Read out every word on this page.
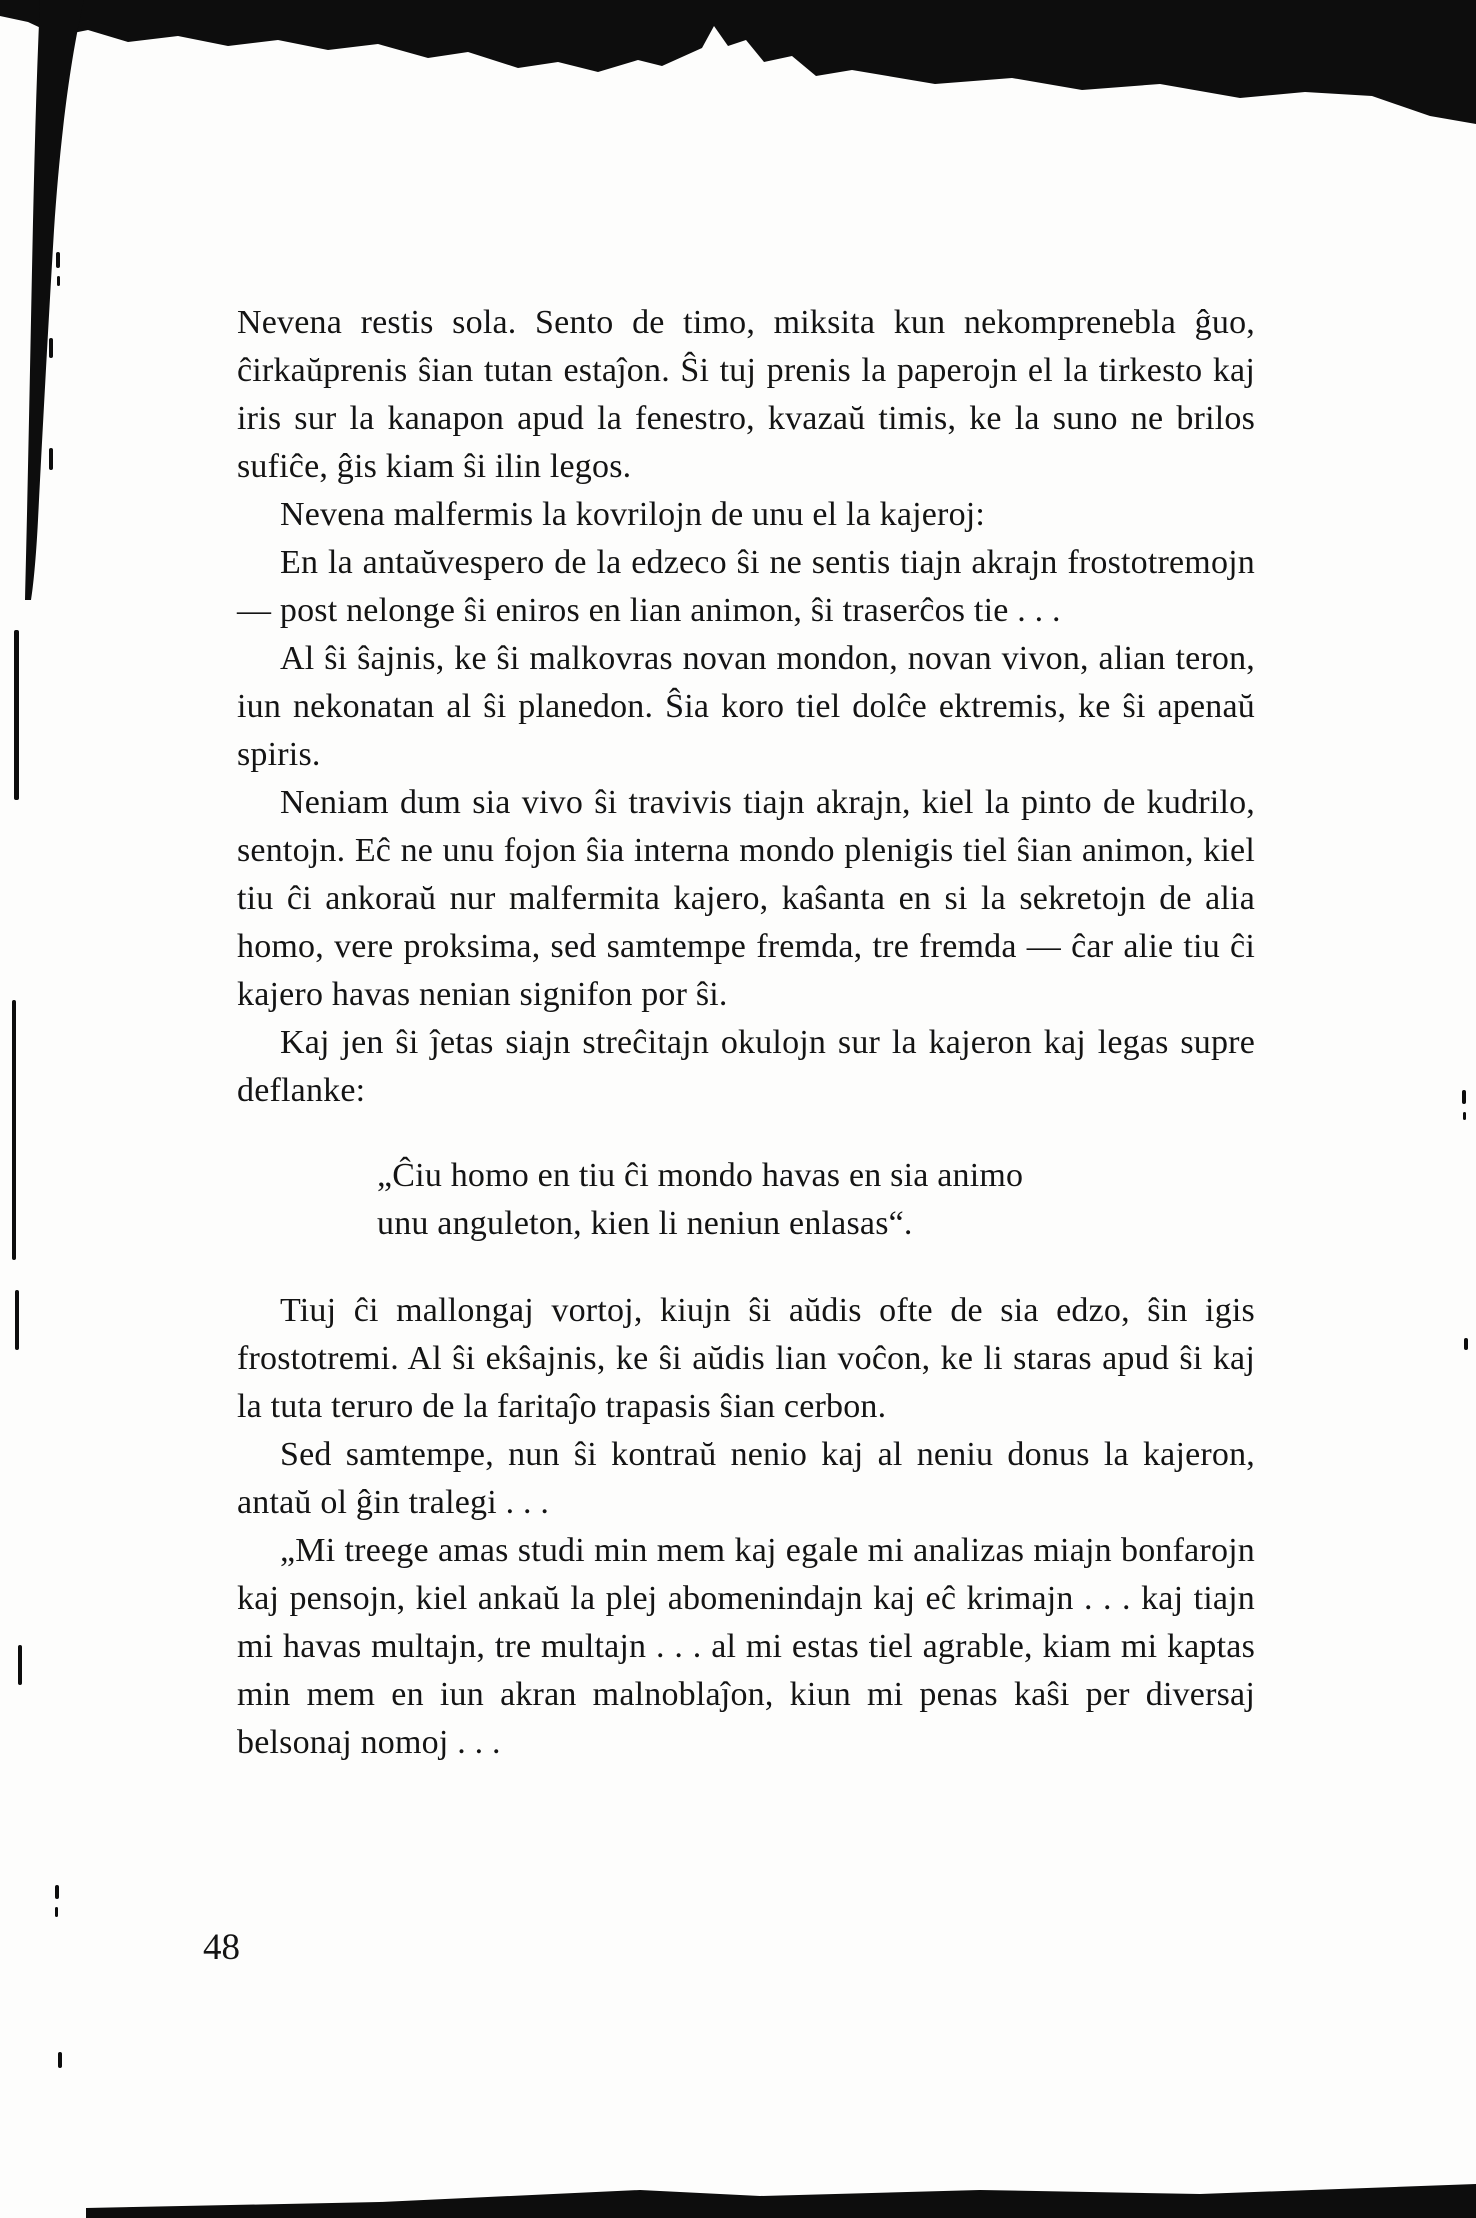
Nevena restis sola. Sento de timo, miksita kun nekomprenebla ĝuo, ĉirkaŭprenis ŝian tutan estaĵon. Ŝi tuj prenis la paperojn el la tirkesto kaj iris sur la kanapon apud la fenestro, kvazaŭ timis, ke la suno ne brilos sufiĉe, ĝis kiam ŝi ilin legos.

Nevena malfermis la kovrilojn de unu el la kajeroj:

En la antaŭvespero de la edzeco ŝi ne sentis tiajn akrajn frostotremojn — post nelonge ŝi eniros en lian animon, ŝi traserĉos tie . . .

Al ŝi ŝajnis, ke ŝi malkovras novan mondon, novan vivon, alian teron, iun nekonatan al ŝi planedon. Ŝia koro tiel dolĉe ektremis, ke ŝi apenaŭ spiris.

Neniam dum sia vivo ŝi travivis tiajn akrajn, kiel la pinto de kudrilo, sentojn. Eĉ ne unu fojon ŝia interna mondo plenigis tiel ŝian animon, kiel tiu ĉi ankoraŭ nur malfermita kajero, kaŝanta en si la sekretojn de alia homo, vere proksima, sed samtempe fremda, tre fremda — ĉar alie tiu ĉi kajero havas nenian signifon por ŝi.

Kaj jen ŝi ĵetas siajn streĉitajn okulojn sur la kajeron kaj legas supre deflanke:

„Ĉiu homo en tiu ĉi mondo havas en sia animo
unu anguleton, kien li neniun enlasas“.

Tiuj ĉi mallongaj vortoj, kiujn ŝi aŭdis ofte de sia edzo, ŝin igis frostotremi. Al ŝi ekŝajnis, ke ŝi aŭdis lian voĉon, ke li staras apud ŝi kaj la tuta teruro de la faritaĵo trapasis ŝian cerbon.

Sed samtempe, nun ŝi kontraŭ nenio kaj al neniu donus la kajeron, antaŭ ol ĝin tralegi . . .

„Mi treege amas studi min mem kaj egale mi analizas miajn bonfarojn kaj pensojn, kiel ankaŭ la plej abomenindajn kaj eĉ krimajn . . . kaj tiajn mi havas multajn, tre multajn . . . al mi estas tiel agrable, kiam mi kaptas min mem en iun akran malnoblaĵon, kiun mi penas kaŝi per diversaj belsonaj nomoj . . .

48
